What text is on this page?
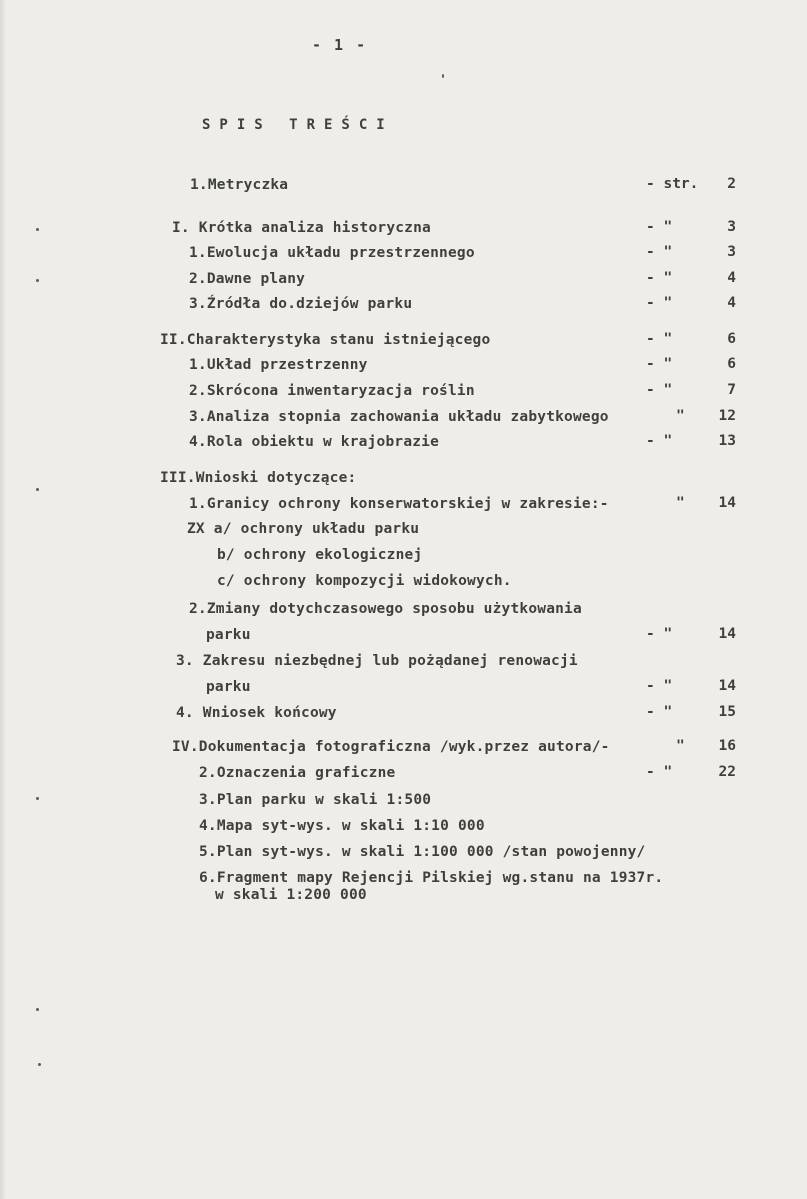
- 1 -
SPIS TREŚCI
1.Metryczka	- str.	2
I. Krótka analiza historyczna	- "	3
1.Ewolucja układu przestrzennego	- "	3
2.Dawne plany	- "	4
3.Źródła do.dziejów parku	- "	4
II.Charakterystyka stanu istniejącego	- "	6
1.Układ przestrzenny	- "	6
2.Skrócona inwentaryzacja roślin	- "	7
3.Analiza stopnia zachowania układu zabytkowego	"	12
4.Rola obiektu w krajobrazie	- "	13
III.Wnioski dotyczące:
1.Granicy ochrony konserwatorskiej w zakresie:-	"	14
ZX a/ ochrony układu parku
b/ ochrony ekologicznej
c/ ochrony kompozycji widokowych.
2.Zmiany dotychczasowego sposobu użytkowania
parku	- "	14
3. Zakresu niezbędnej lub pożądanej renowacji
parku	- "	14
4. Wniosek końcowy	- "	15
IV.Dokumentacja fotograficzna /wyk.przez autora/-	"	16
2.Oznaczenia graficzne	- "	22
3.Plan parku w skali 1:500
4.Mapa syt-wys. w skali 1:10 000
5.Plan syt-wys. w skali 1:100 000 /stan powojenny/
6.Fragment mapy Rejencji Pilskiej wg.stanu na 1937r.
w skali 1:200 000
